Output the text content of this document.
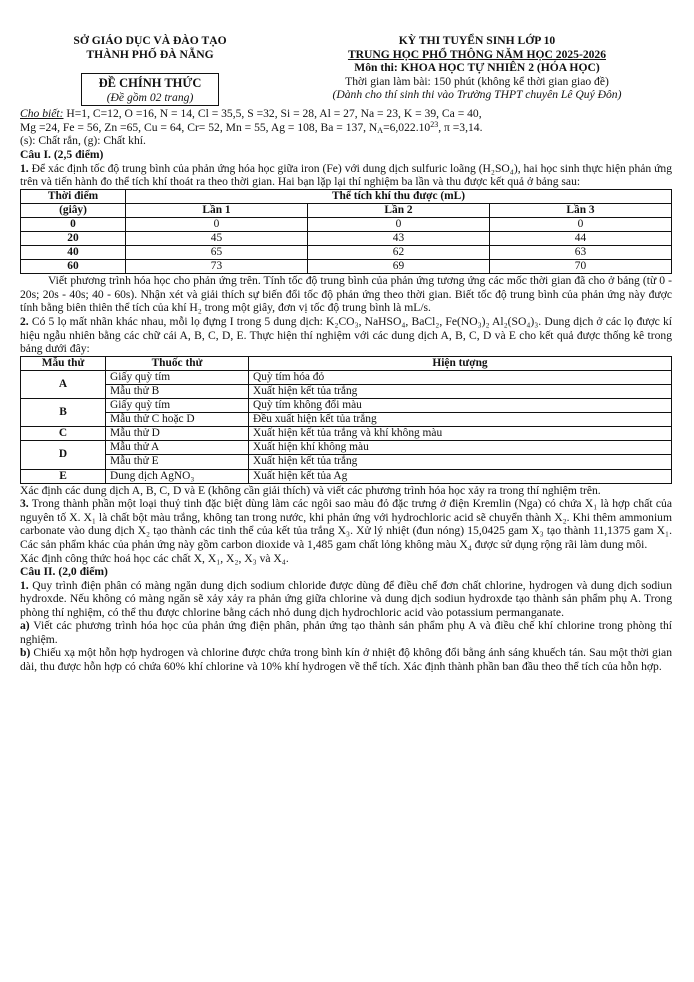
SỞ GIÁO DỤC VÀ ĐÀO TẠO
THÀNH PHỐ ĐÀ NẴNG
ĐỀ CHÍNH THỨC
(Đề gồm 02 trang)
KỲ THI TUYỂN SINH LỚP 10
TRUNG HỌC PHỔ THÔNG NĂM HỌC 2025-2026
Môn thi: KHOA HỌC TỰ NHIÊN 2 (HÓA HỌC)
Thời gian làm bài: 150 phút (không kể thời gian giao đề)
(Dành cho thí sinh thi vào Trường THPT chuyên Lê Quý Đôn)

Cho biết: H=1, C=12, O =16, N = 14, Cl = 35,5, S =32, Si = 28, Al = 27, Na = 23, K = 39, Ca = 40,

Mg =24, Fe = 56, Zn =65, Cu = 64, Cr= 52, Mn = 55, Ag = 108, Ba = 137, $N_A=6,022.10^{23}$, π =3,14.

(s): Chất rắn, (g): Chất khí.

Câu I. (2,5 điểm)

1. Để xác định tốc độ trung bình của phản ứng hóa học giữa iron (Fe) với dung dịch sulfuric loãng (H₂SO₄), hai học sinh thực hiện phản ứng trên và tiến hành đo thể tích khí thoát ra theo thời gian. Hai bạn lặp lại thí nghiệm ba lần và thu được kết quả ở bảng sau:

Thời điểm	Thể tích khí thu được (mL)		
(giây)	Lần 1	Lần 2	Lần 3
0	0	0	0
20	45	43	44
40	65	62	63
60	73	69	70

Viết phương trình hóa học cho phản ứng trên. Tính tốc độ trung bình của phản ứng tương ứng các mốc thời gian đã cho ở bảng (từ 0 - 20s; 20s - 40s; 40 - 60s). Nhận xét và giải thích sự biến đổi tốc độ phản ứng theo thời gian. Biết tốc độ trung bình của phản ứng này được tính bằng biên thiên thể tích của khí H₂ trong một giây, đơn vị tốc độ trung bình là mL/s.

2. Có 5 lọ mất nhãn khác nhau, mỗi lọ đựng I trong 5 dung dịch: K₂CO₃, NaHSO₄, BaCl₂, Fe(NO₃)₂ Al₂(SO₄)₃. Dung dịch ở các lọ được kí hiệu ngẫu nhiên bằng các chữ cái A, B, C, D, E. Thực hiện thí nghiệm với các dung dịch A, B, C, D và E cho kết quả được thống kê trong bảng dưới đây:

Mẫu thử	Thuốc thử	Hiện tượng
A	Giấy quỳ tím	Quỳ tím hóa đỏ
	Mẫu thử B	Xuất hiện kết tủa trắng
B	Giấy quỳ tím	Quỳ tím không đổi màu
	Mẫu thử C hoặc D	Đều xuất hiện kết tủa trắng
C	Mẫu thử D	Xuất hiện kết tủa trắng và khí không màu
D	Mẫu thử A	Xuất hiện khí không màu
	Mẫu thử E	Xuất hiện kết tủa trắng
E	Dung dịch AgNO₃	Xuất hiện kết tủa Ag

Xác định các dung dịch A, B, C, D và E (không cần giải thích) và viết các phương trình hóa học xảy ra trong thí nghiệm trên.

3. Trong thành phần một loại thuỷ tinh đặc biệt dùng làm các ngôi sao màu đỏ đặc trưng ở điện Kremlin (Nga) có chứa X₁ là hợp chất của nguyên tố X. X₁ là chất bột màu trắng, không tan trong nước, khi phản ứng với hydrochloric acid sẽ chuyển thành X₂. Khi thêm ammonium carbonate vào dung dịch X₂ tạo thành các tinh thể của kết tủa trắng X₃. Xử lý nhiệt (đun nóng) 15,0425 gam X₃ tạo thành 11,1375 gam X₁. Các sản phẩm khác của phản ứng này gồm carbon dioxide và 1,485 gam chất lỏng không màu X₄ được sử dụng rộng rãi làm dung môi.

Xác định công thức hoá học các chất X, X₁, X₂, X₃ và X₄.

Câu II. (2,0 điểm)

1. Quy trình điện phân có màng ngăn dung dịch sodium chloride được dùng để điều chế đơn chất chlorine, hydrogen và dung dịch sodiun hydroxde. Nếu không có màng ngăn sẽ xảy xảy ra phản ứng giữa chlorine và dung dịch sodiun hydroxde tạo thành sản phẩm phụ A. Trong phòng thí nghiệm, có thể thu được chlorine bằng cách nhỏ dung dịch hydrochloric acid vào potassium permanganate.

a) Viết các phương trình hóa học của phản ứng điện phân, phản ứng tạo thành sản phẩm phụ A và điều chế khí chlorine trong phòng thí nghiệm.

b) Chiếu xạ một hỗn hợp hydrogen và chlorine được chứa trong bình kín ở nhiệt độ không đổi bằng ánh sáng khuếch tán. Sau một thời gian dài, thu được hỗn hợp có chứa 60% khí chlorine và 10% khí hydrogen về thể tích. Xác định thành phần ban đầu theo thể tích của hỗn hợp.
